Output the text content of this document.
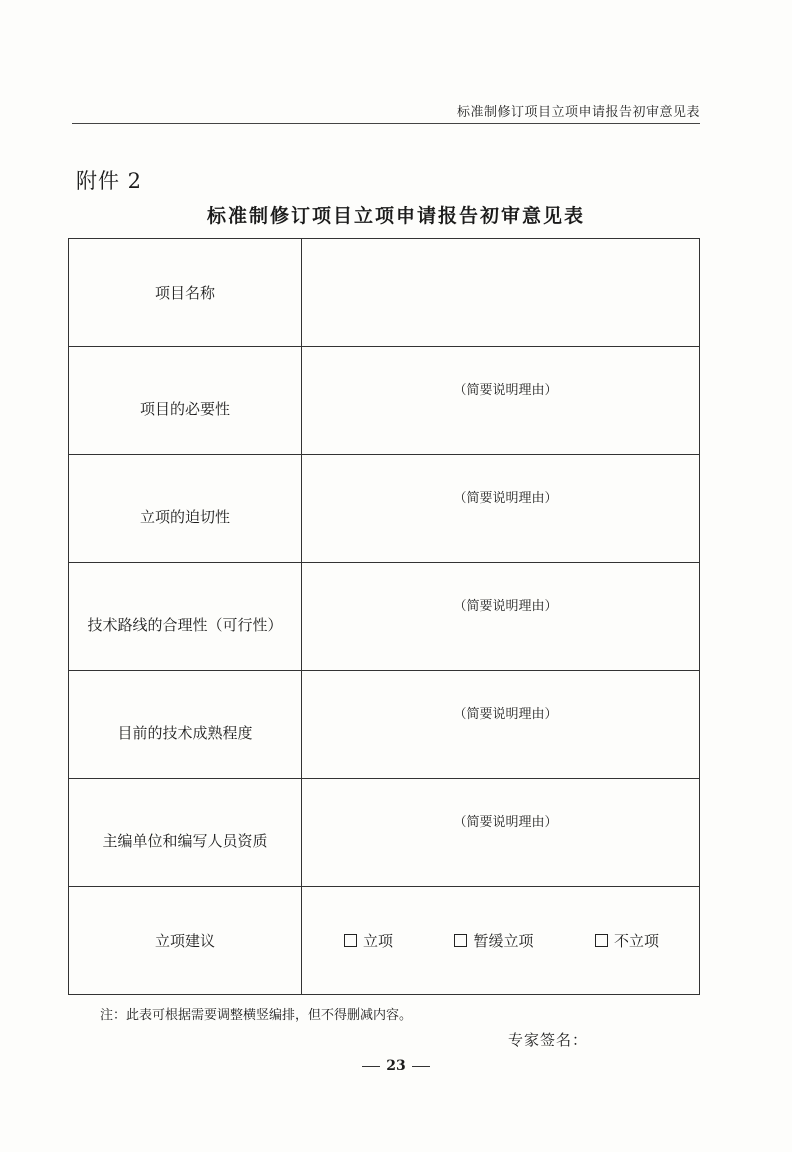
标准制修订项目立项申请报告初审意见表
附件 2
标准制修订项目立项申请报告初审意见表
项目名称	
项目的必要性	（简要说明理由）
立项的迫切性	（简要说明理由）
技术路线的合理性（可行性）	（简要说明理由）
目前的技术成熟程度	（简要说明理由）
主编单位和编写人员资质	（简要说明理由）
立项建议	立项 暂缓立项 不立项
注：此表可根据需要调整横竖编排，但不得删减内容。
专家签名：
23
